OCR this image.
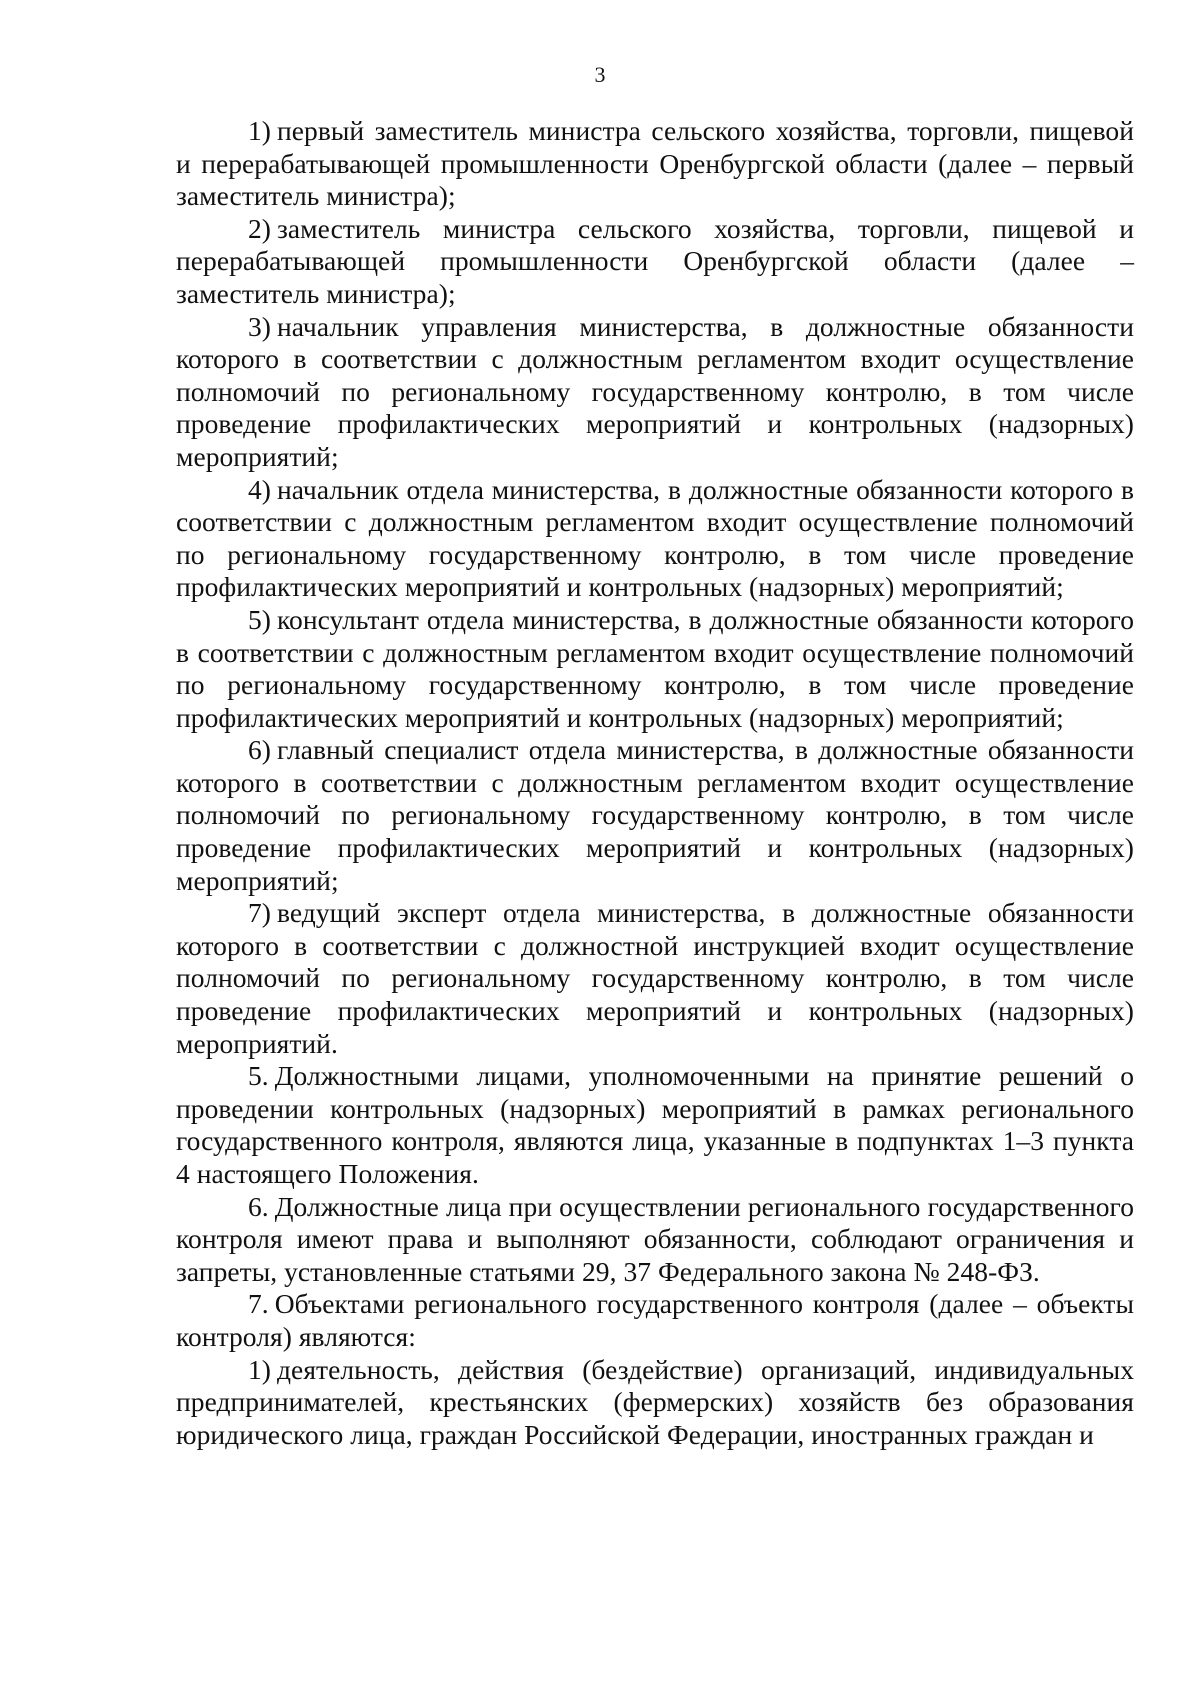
3

1) первый заместитель министра сельского хозяйства, торговли, пищевой и перерабатывающей промышленности Оренбургской области (далее – первый заместитель министра);

2) заместитель министра сельского хозяйства, торговли, пищевой и перерабатывающей промышленности Оренбургской области (далее – заместитель министра);

3) начальник управления министерства, в должностные обязанности которого в соответствии с должностным регламентом входит осуществление полномочий по региональному государственному контролю, в том числе проведение профилактических мероприятий и контрольных (надзорных) мероприятий;

4) начальник отдела министерства, в должностные обязанности которого в соответствии с должностным регламентом входит осуществление полномочий по региональному государственному контролю, в том числе проведение профилактических мероприятий и контрольных (надзорных) мероприятий;

5) консультант отдела министерства, в должностные обязанности которого в соответствии с должностным регламентом входит осуществление полномочий по региональному государственному контролю, в том числе проведение профилактических мероприятий и контрольных (надзорных) мероприятий;

6) главный специалист отдела министерства, в должностные обязанности которого в соответствии с должностным регламентом входит осуществление полномочий по региональному государственному контролю, в том числе проведение профилактических мероприятий и контрольных (надзорных) мероприятий;

7) ведущий эксперт отдела министерства, в должностные обязанности которого в соответствии с должностной инструкцией входит осуществление полномочий по региональному государственному контролю, в том числе проведение профилактических мероприятий и контрольных (надзорных) мероприятий.

5. Должностными лицами, уполномоченными на принятие решений о проведении контрольных (надзорных) мероприятий в рамках регионального государственного контроля, являются лица, указанные в подпунктах 1–3 пункта 4 настоящего Положения.

6. Должностные лица при осуществлении регионального государственного контроля имеют права и выполняют обязанности, соблюдают ограничения и запреты, установленные статьями 29, 37 Федерального закона № 248-ФЗ.

7. Объектами регионального государственного контроля (далее – объекты контроля) являются:

1) деятельность, действия (бездействие) организаций, индивидуальных предпринимателей, крестьянских (фермерских) хозяйств без образования юридического лица, граждан Российской Федерации, иностранных граждан и
